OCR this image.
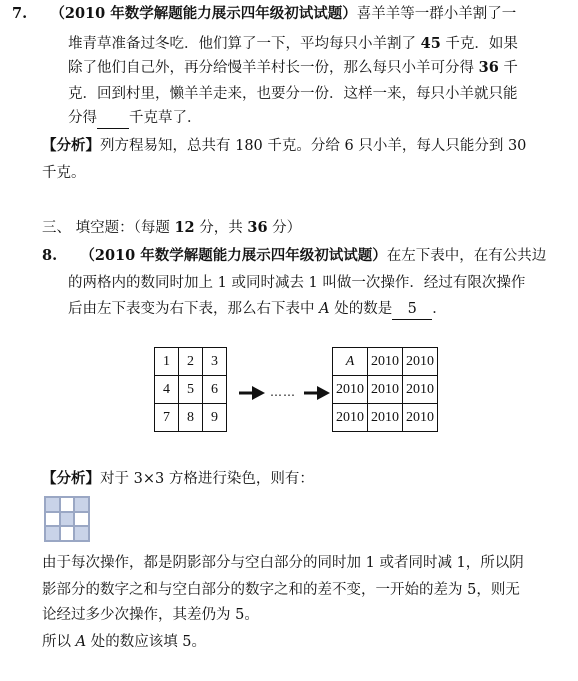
7. （2010 年数学解题能力展示四年级初试试题）喜羊羊等一群小羊割了一
堆青草准备过冬吃．他们算了一下，平均每只小羊割了 45 千克．如果
除了他们自己外，再分给慢羊羊村长一份，那么每只小羊可分得 36 千
克．回到村里，懒羊羊走来，也要分一份．这样一来，每只小羊就只能
分得 千克草了．
【分析】列方程易知，总共有 180 千克。分给 6 只小羊，每人只能分到 30
千克。
三、 填空题：（每题 12 分，共 36 分）
8. （2010 年数学解题能力展示四年级初试试题）在左下表中，在有公共边
的两格内的数同时加上 1 或同时减去 1 叫做一次操作．经过有限次操作
后由左下表变为右下表，那么右下表中 A 处的数是 5 ．
1	2	3
4	5	6
7	8	9
……
A	2010	2010
2010	2010	2010
2010	2010	2010
【分析】对于 3×3 方格进行染色，则有：
由于每次操作，都是阴影部分与空白部分的同时加 1 或者同时减 1，所以阴
影部分的数字之和与空白部分的数字之和的差不变，一开始的差为 5，则无
论经过多少次操作，其差仍为 5。
所以 A 处的数应该填 5。
